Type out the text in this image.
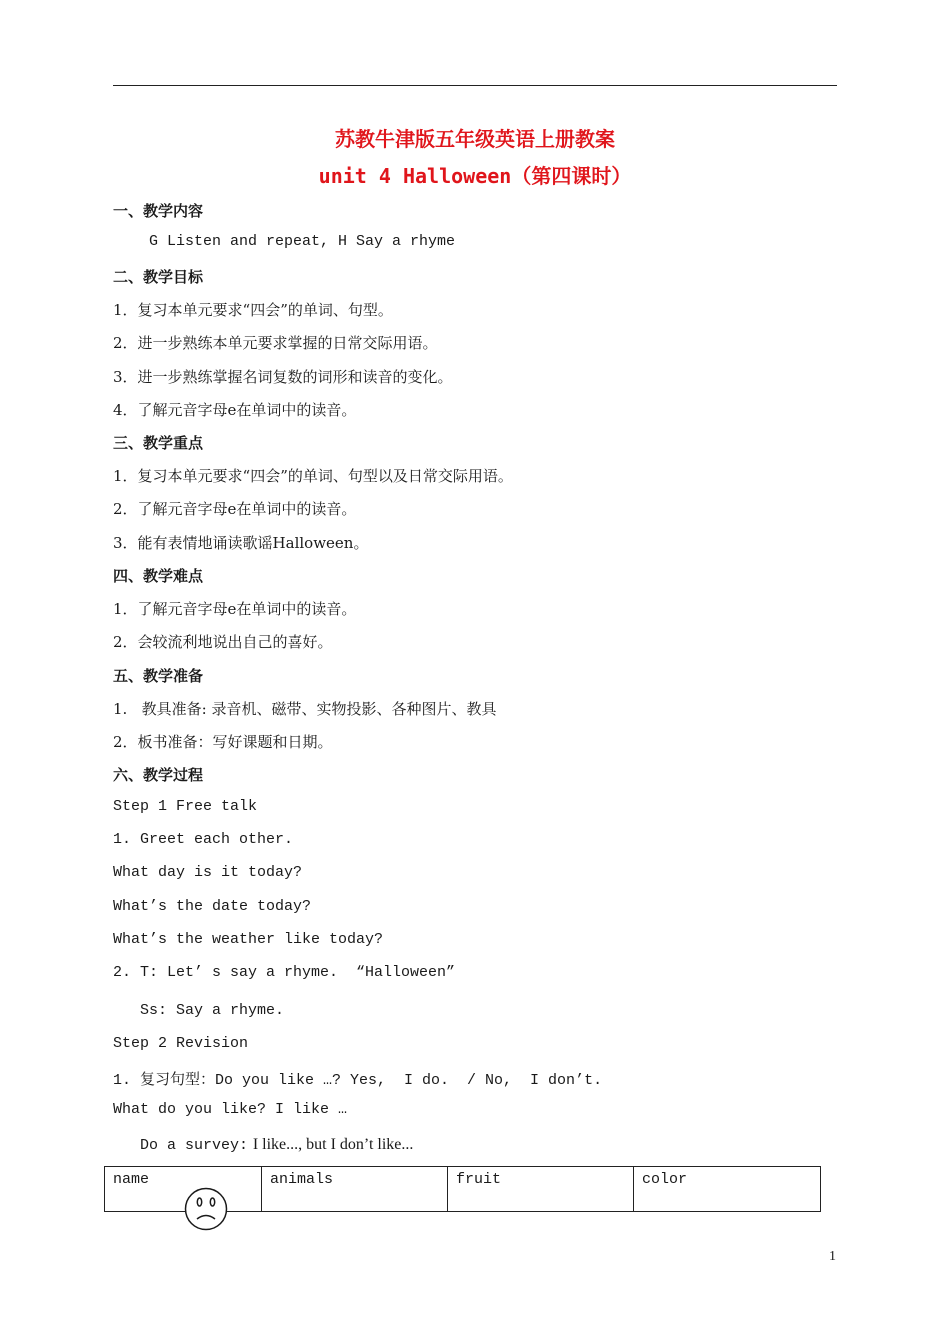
苏教牛津版五年级英语上册教案
unit 4 Halloween（第四课时）
一、教学内容
G Listen and repeat, H Say a rhyme
二、教学目标
1．复习本单元要求“四会”的单词、句型。
2．进一步熟练本单元要求掌握的日常交际用语。
3．进一步熟练掌握名词复数的词形和读音的变化。
4．了解元音字母e在单词中的读音。
三、教学重点
1．复习本单元要求“四会”的单词、句型以及日常交际用语。
2．了解元音字母e在单词中的读音。
3．能有表情地诵读歌谣Halloween。
四、教学难点
1．了解元音字母e在单词中的读音。
2．会较流利地说出自己的喜好。
五、教学准备
1.   教具准备: 录音机、磁带、实物投影、各种图片、教具
2．板书准备：写好课题和日期。
六、教学过程
Step 1 Free talk
1. Greet each other.
What day is it today?
What’s the date today?
What’s the weather like today?
2. T: Let’ s say a rhyme.  “Halloween”
Ss: Say a rhyme.
Step 2 Revision
1. 复习句型：Do you like …? Yes,  I do.  / No,  I don’t.
What do you like? I like …
Do a survey: I like..., but I don’t like...
name	animals	fruit	color
1
